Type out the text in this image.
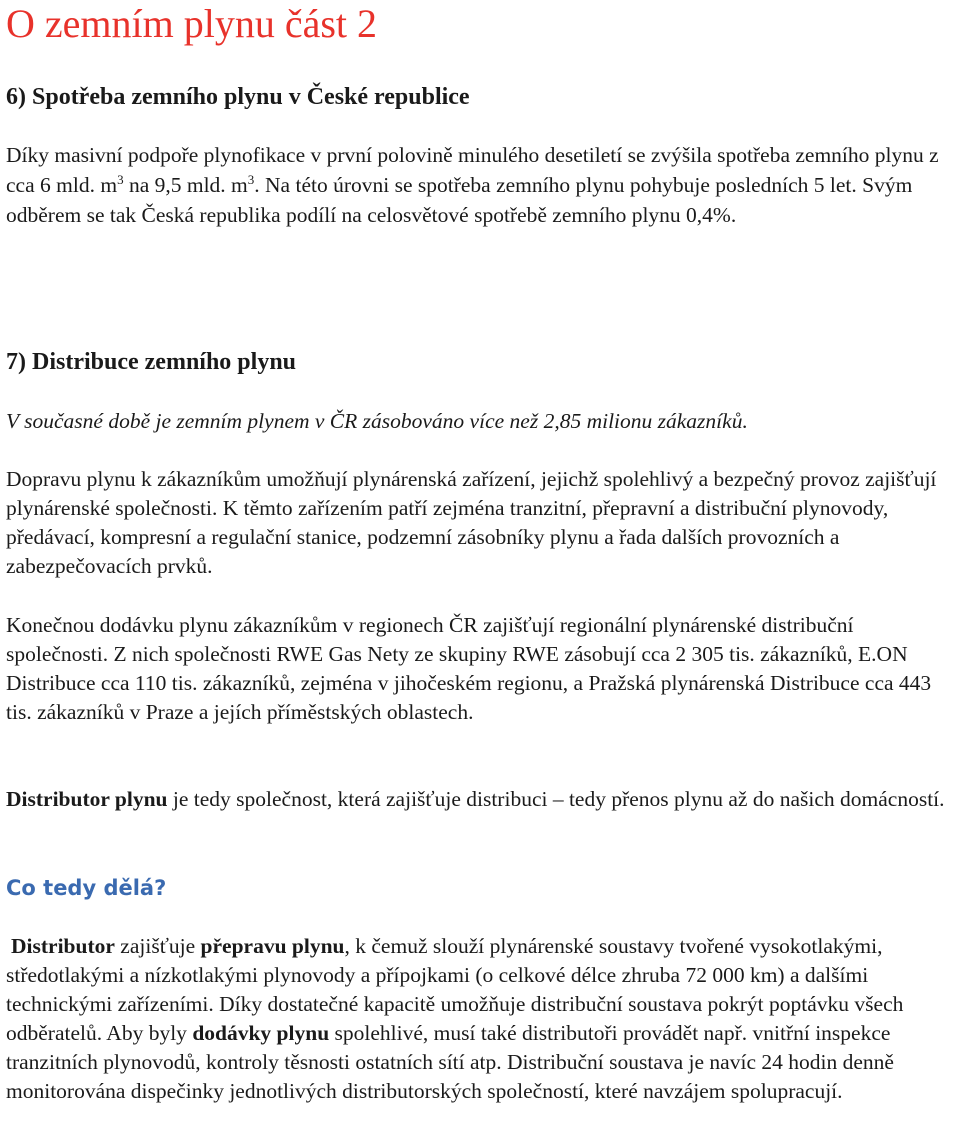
O zemním plynu část 2
6) Spotřeba zemního plynu v České republice

Díky masivní podpoře plynofikace v první polovině minulého desetiletí se zvýšila spotřeba zemního plynu z cca 6 mld. $m^3$ na 9,5 mld. $m^3$. Na této úrovni se spotřeba zemního plynu pohybuje posledních 5 let. Svým odběrem se tak Česká republika podílí na celosvětové spotřebě zemního plynu 0,4%.

7) Distribuce zemního plynu

V současné době je zemním plynem v ČR zásobováno více než 2,85 milionu zákazníků.

Dopravu plynu k zákazníkům umožňují plynárenská zařízení, jejichž spolehlivý a bezpečný provoz zajišťují plynárenské společnosti. K těmto zařízením patří zejména tranzitní, přepravní a distribuční plynovody, předávací, kompresní a regulační stanice, podzemní zásobníky plynu a řada dalších provozních a zabezpečovacích prvků.

Konečnou dodávku plynu zákazníkům v regionech ČR zajišťují regionální plynárenské distribuční společnosti. Z nich společnosti RWE Gas Nety ze skupiny RWE zásobují cca 2 305 tis. zákazníků, E.ON Distribuce cca 110 tis. zákazníků, zejména v jihočeském regionu, a Pražská plynárenská Distribuce cca 443 tis. zákazníků v Praze a jejích příměstských oblastech.

Distributor plynu je tedy společnost, která zajišťuje distribuci – tedy přenos plynu až do našich domácností.

Co tedy dělá?

Distributor zajišťuje přepravu plynu, k čemuž slouží plynárenské soustavy tvořené vysokotlakými, středotlakými a nízkotlakými plynovody a přípojkami (o celkové délce zhruba 72 000 km) a dalšími technickými zařízeními. Díky dostatečné kapacitě umožňuje distribuční soustava pokrýt poptávku všech odběratelů. Aby byly dodávky plynu spolehlivé, musí také distributoři provádět např. vnitřní inspekce tranzitních plynovodů, kontroly těsnosti ostatních sítí atp. Distribuční soustava je navíc 24 hodin denně monitorována dispečinky jednotlivých distributorských společností, které navzájem spolupracují.
